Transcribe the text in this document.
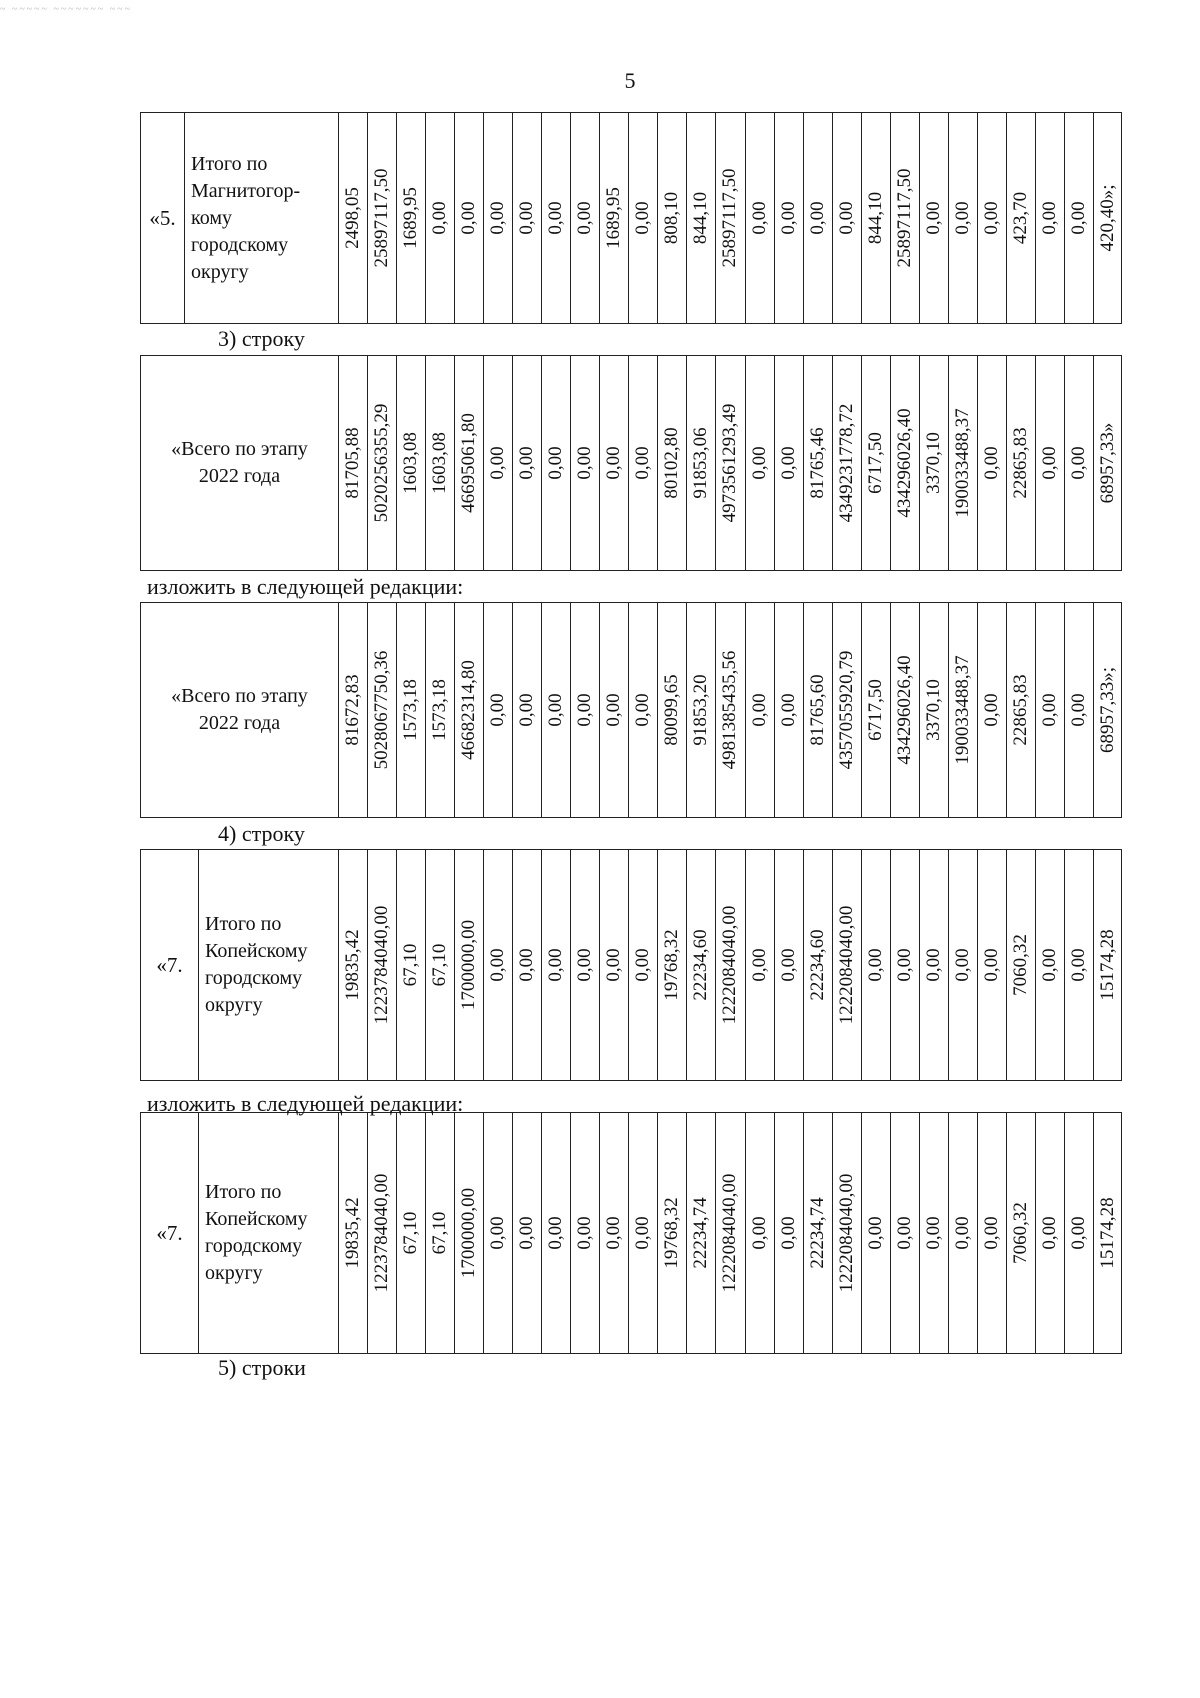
~ ~~~~~ ~~~~~~~ ~~~
5
«5.
Итого по
Магнитогор-
кому
городскому
округу
2498,05 25897117,50 1689,95 0,00 0,00 0,00 0,00 0,00 0,00 1689,95 0,00 808,10 844,10 25897117,50 0,00 0,00 0,00 0,00 844,10 25897117,50 0,00 0,00 0,00 423,70 0,00 0,00 420,40»;
«Всего по этапу
2022 года	81705,88 5020256355,29 1603,08 1603,08 46695061,80 0,00 0,00 0,00 0,00 0,00 0,00 80102,80 91853,06 4973561293,49 0,00 0,00 81765,46 4349231778,72 6717,50 434296026,40 3370,10 190033488,37 0,00 22865,83 0,00 0,00 68957,33»
«Всего по этапу
2022 года	81672,83 5028067750,36 1573,18 1573,18 46682314,80 0,00 0,00 0,00 0,00 0,00 0,00 80099,65 91853,20 4981385435,56 0,00 0,00 81765,60 4357055920,79 6717,50 434296026,40 3370,10 190033488,37 0,00 22865,83 0,00 0,00 68957,33»;
«7.
Итого по
Копейскому
городскому
округу
19835,42 1223784040,00 67,10 67,10 1700000,00 0,00 0,00 0,00 0,00 0,00 0,00 19768,32 22234,60 1222084040,00 0,00 0,00 22234,60 1222084040,00 0,00 0,00 0,00 0,00 0,00 7060,32 0,00 0,00 15174,28
«7.
Итого по
Копейскому
городскому
округу
19835,42 1223784040,00 67,10 67,10 1700000,00 0,00 0,00 0,00 0,00 0,00 0,00 19768,32 22234,74 1222084040,00 0,00 0,00 22234,74 1222084040,00 0,00 0,00 0,00 0,00 0,00 7060,32 0,00 0,00 15174,28
3) строку
изложить в следующей редакции:
4) строку
изложить в следующей редакции:
5) строки
